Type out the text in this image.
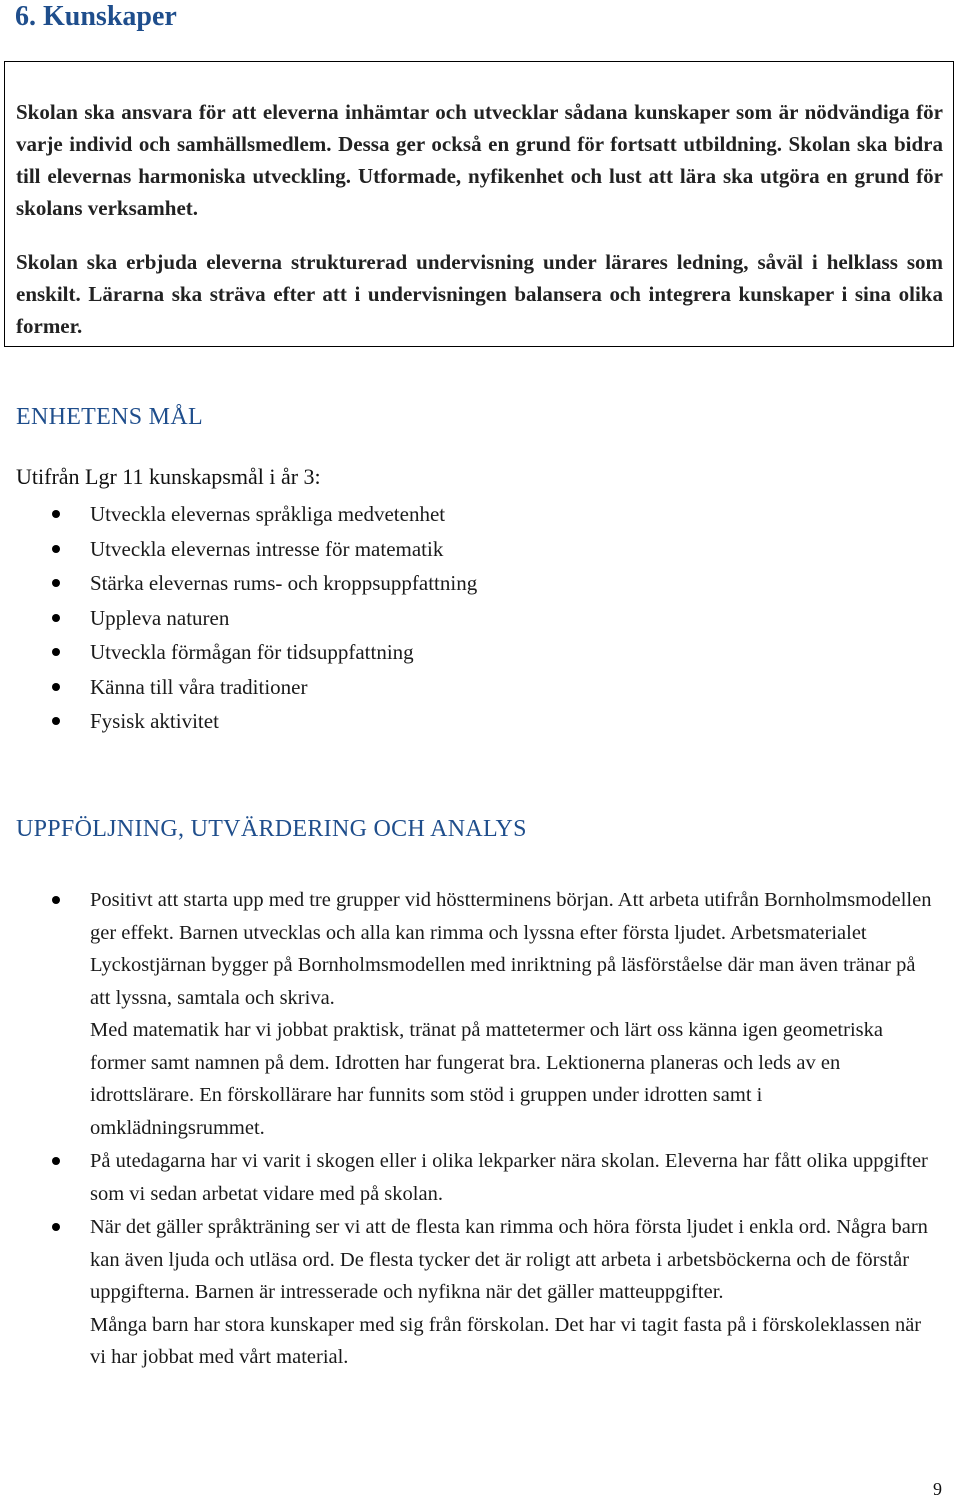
6. Kunskaper

Skolan ska ansvara för att eleverna inhämtar och utvecklar sådana kunskaper som är nödvändiga för varje individ och samhällsmedlem. Dessa ger också en grund för fortsatt utbildning. Skolan ska bidra till elevernas harmoniska utveckling. Utformade, nyfikenhet och lust att lära ska utgöra en grund för skolans verksamhet.

Skolan ska erbjuda eleverna strukturerad undervisning under lärares ledning, såväl i helklass som enskilt. Lärarna ska sträva efter att i undervisningen balansera och integrera kunskaper i sina olika former.

ENHETENS MÅL

Utifrån Lgr 11 kunskapsmål i år 3:

Utveckla elevernas språkliga medvetenhet
Utveckla elevernas intresse för matematik
Stärka elevernas rums- och kroppsuppfattning
Uppleva naturen
Utveckla förmågan för tidsuppfattning
Känna till våra traditioner
Fysisk aktivitet
UPPFÖLJNING, UTVÄRDERING OCH ANALYS

Positivt att starta upp med tre grupper vid höstterminens början. Att arbeta utifrån Bornholmsmodellen ger effekt. Barnen utvecklas och alla kan rimma och lyssna efter första ljudet. Arbetsmaterialet Lyckostjärnan bygger på Bornholmsmodellen med inriktning på läsförståelse där man även tränar på att lyssna, samtala och skriva.

Med matematik har vi jobbat praktisk, tränat på mattetermer och lärt oss känna igen geometriska former samt namnen på dem. Idrotten har fungerat bra. Lektionerna planeras och leds av en idrottslärare. En förskollärare har funnits som stöd i gruppen under idrotten samt i omklädningsrummet.

På utedagarna har vi varit i skogen eller i olika lekparker nära skolan. Eleverna har fått olika uppgifter som vi sedan arbetat vidare med på skolan.

När det gäller språkträning ser vi att de flesta kan rimma och höra första ljudet i enkla ord. Några barn kan även ljuda och utläsa ord. De flesta tycker det är roligt att arbeta i arbetsböckerna och de förstår uppgifterna. Barnen är intresserade och nyfikna när det gäller matteuppgifter.

Många barn har stora kunskaper med sig från förskolan. Det har vi tagit fasta på i förskoleklassen när vi har jobbat med vårt material.

9
